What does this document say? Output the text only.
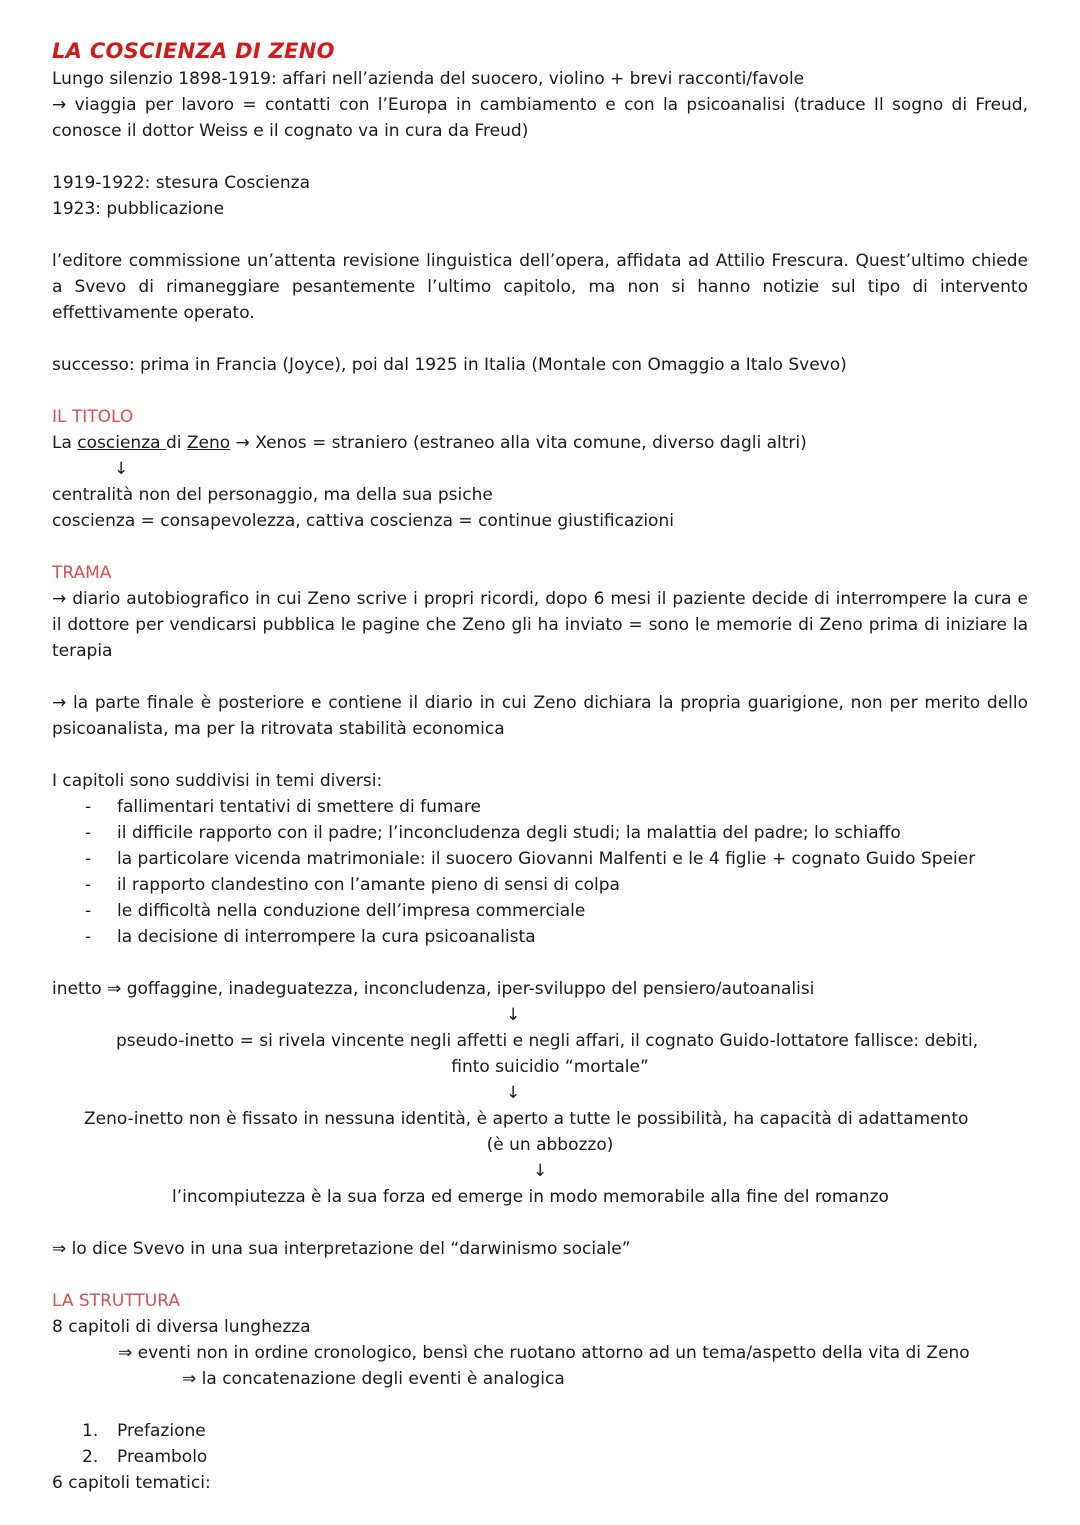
LA COSCIENZA DI ZENO
Lungo silenzio 1898-1919: affari nell’azienda del suocero, violino + brevi racconti/favole
→ viaggia per lavoro = contatti con l’Europa in cambiamento e con la psicoanalisi (traduce Il sogno di Freud, conosce il dottor Weiss e il cognato va in cura da Freud)
1919-1922: stesura Coscienza
1923: pubblicazione
l’editore commissione un’attenta revisione linguistica dell’opera, affidata ad Attilio Frescura. Quest’ultimo chiede a Svevo di rimaneggiare pesantemente l’ultimo capitolo, ma non si hanno notizie sul tipo di intervento effettivamente operato.
successo: prima in Francia (Joyce), poi dal 1925 in Italia (Montale con Omaggio a Italo Svevo)
IL TITOLO
La coscienza di Zeno → Xenos = straniero (estraneo alla vita comune, diverso dagli altri)
↓
centralità non del personaggio, ma della sua psiche
coscienza = consapevolezza, cattiva coscienza = continue giustificazioni
TRAMA
→ diario autobiografico in cui Zeno scrive i propri ricordi, dopo 6 mesi il paziente decide di interrompere la cura e il dottore per vendicarsi pubblica le pagine che Zeno gli ha inviato = sono le memorie di Zeno prima di iniziare la terapia
→ la parte finale è posteriore e contiene il diario in cui Zeno dichiara la propria guarigione, non per merito dello psicoanalista, ma per la ritrovata stabilità economica
I capitoli sono suddivisi in temi diversi:
- fallimentari tentativi di smettere di fumare
- il difficile rapporto con il padre; l’inconcludenza degli studi; la malattia del padre; lo schiaffo
- la particolare vicenda matrimoniale: il suocero Giovanni Malfenti e le 4 figlie + cognato Guido Speier
- il rapporto clandestino con l’amante pieno di sensi di colpa
- le difficoltà nella conduzione dell’impresa commerciale
- la decisione di interrompere la cura psicoanalista
inetto ⇒ goffaggine, inadeguatezza, inconcludenza, iper-sviluppo del pensiero/autoanalisi
↓
pseudo-inetto = si rivela vincente negli affetti e negli affari, il cognato Guido-lottatore fallisce: debiti,
finto suicidio “mortale”
↓
Zeno-inetto non è fissato in nessuna identità, è aperto a tutte le possibilità, ha capacità di adattamento
(è un abbozzo)
↓
l’incompiutezza è la sua forza ed emerge in modo memorabile alla fine del romanzo
⇒ lo dice Svevo in una sua interpretazione del “darwinismo sociale”
LA STRUTTURA
8 capitoli di diversa lunghezza
⇒ eventi non in ordine cronologico, bensì che ruotano attorno ad un tema/aspetto della vita di Zeno
⇒ la concatenazione degli eventi è analogica
1. Prefazione
2. Preambolo
6 capitoli tematici:
